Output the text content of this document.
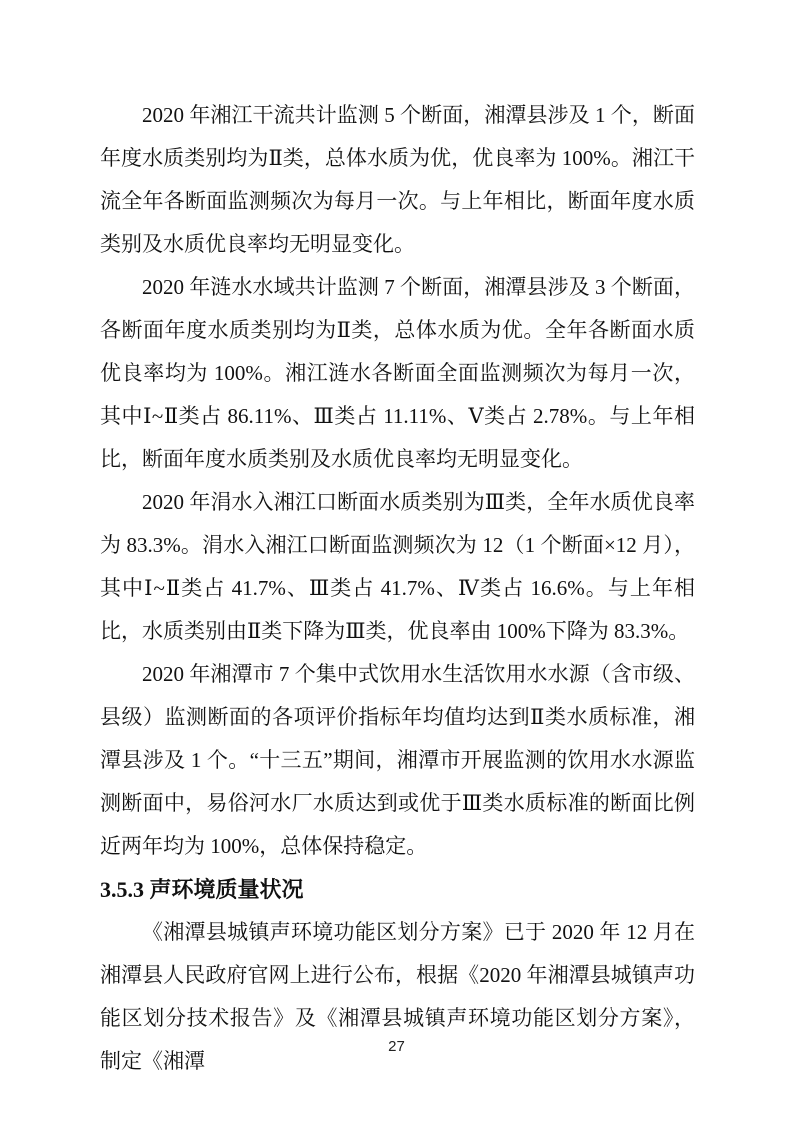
2020 年湘江干流共计监测 5 个断面，湘潭县涉及 1 个，断面年度水质类别均为Ⅱ类，总体水质为优，优良率为 100%。湘江干流全年各断面监测频次为每月一次。与上年相比，断面年度水质类别及水质优良率均无明显变化。

2020 年涟水水域共计监测 7 个断面，湘潭县涉及 3 个断面，各断面年度水质类别均为Ⅱ类，总体水质为优。全年各断面水质优良率均为 100%。湘江涟水各断面全面监测频次为每月一次，其中Ⅰ~Ⅱ类占 86.11%、Ⅲ类占 11.11%、Ⅴ类占 2.78%。与上年相比，断面年度水质类别及水质优良率均无明显变化。

2020 年涓水入湘江口断面水质类别为Ⅲ类，全年水质优良率为 83.3%。涓水入湘江口断面监测频次为 12（1 个断面×12 月），其中Ⅰ~Ⅱ类占 41.7%、Ⅲ类占 41.7%、Ⅳ类占 16.6%。与上年相比，水质类别由Ⅱ类下降为Ⅲ类，优良率由 100%下降为 83.3%。

2020 年湘潭市 7 个集中式饮用水生活饮用水水源（含市级、县级）监测断面的各项评价指标年均值均达到Ⅱ类水质标准，湘潭县涉及 1 个。“十三五”期间，湘潭市开展监测的饮用水水源监测断面中，易俗河水厂水质达到或优于Ⅲ类水质标准的断面比例近两年均为 100%，总体保持稳定。

3.5.3 声环境质量状况

《湘潭县城镇声环境功能区划分方案》已于 2020 年 12 月在湘潭县人民政府官网上进行公布，根据《2020 年湘潭县城镇声功能区划分技术报告》及《湘潭县城镇声环境功能区划分方案》，制定《湘潭

27
